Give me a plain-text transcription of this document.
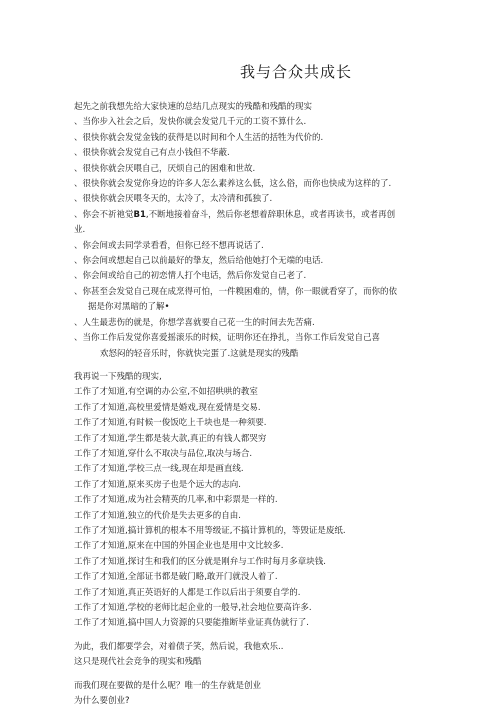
我与合众共成长
起先之前我想先给大家快速的总结几点现实的残酷和残酷的现实
、当你步入社会之后，发快你就会发觉几千元的工资不算什么.
、很快你就会发觉金钱的获得是以时间和个人生活的括牲为代价的.
、很快你就会发觉自己有点小钱但不华蔽.
、很快你就会厌喂自己，厌烦自己的困难和世故.
、很快你就会发觉你身边的许多人怎么素养这么低，这么俗，而你也快成为这样的了.
、很快你就会厌喂冬天的，太冷了，太冷清和孤独了.
、你会不祈祂觉B1,不断地接着奋斗，然后你老想着辞职休息，或者再读书，或者再创
业.
、你会间或去同学录看看，但你已经不想再说话了.
、你会间或想起自己以前最好的挚友，然后给他她打个无端的电话.
、你会间或给自己的初恋情人打个电话，然后你发觉自己老了.
、你甚至会发觉自己现在成烹得可怕，一件糗困难的，情，你一眼就看穿了，而你的依
据是你对黑暗的了解•
、人生最悲伤的就是，你想学喜就要自己花一生的时间去先苦痛.
、当你工作后发觉你喜爱摇滚乐的时候，证明你还在挣扎，当你工作后发觉自己喜
欢怒闷的轻音乐时，你就快完蛋了.这就是现实的残酷
我再说一下残酷的现实,
工作了才知道,有空调的办公室,不如招哄哄的教室
工作了才知道,高校里爱情是婚戏,现在爱情是交易.
工作了才知道,有时候一俊饭吃上千块也是一种须要.
工作了才知道,学生都是装大款,真正的有钱人都哭穷
工作了才知道,穿什么不取决与品位,取决与场合.
工作了才知道,学校三点一线,现在却是画直线.
工作了才知道,原来买房子也是个远大的志向.
工作了才知道,成为社会精英的几率,和中彩票是一样的.
工作了才知道,独立的代价是失去更多的自由.
工作了才知道,搞计算机的根本不用等级证,不搞计算机的，等毁证是废纸.
工作了才知道,原来在中国的外国企业也是用中文比较多.
工作了才知道,探讨生和我们的区分就是刚弁与工作时每月多章块钱.
工作了才知道,全部证书都是破门略,敢开门就没人着了.
工作了才知道,真正英语好的人都是工作以后出于须要自学的.
工作了才知道,学校的老师比起企业的一般导,社会地位要高许多.
工作了才知道,搞中国人力资源的只要能推断毕业证真伪就行了.
为此，我们都要学会，对着债子笑，然后说，我他欢乐..
这只是现代社会竞争的现实和残酷
而我们现在要做的是什么呢？唯一的生存就是创业
为什么要创业?
